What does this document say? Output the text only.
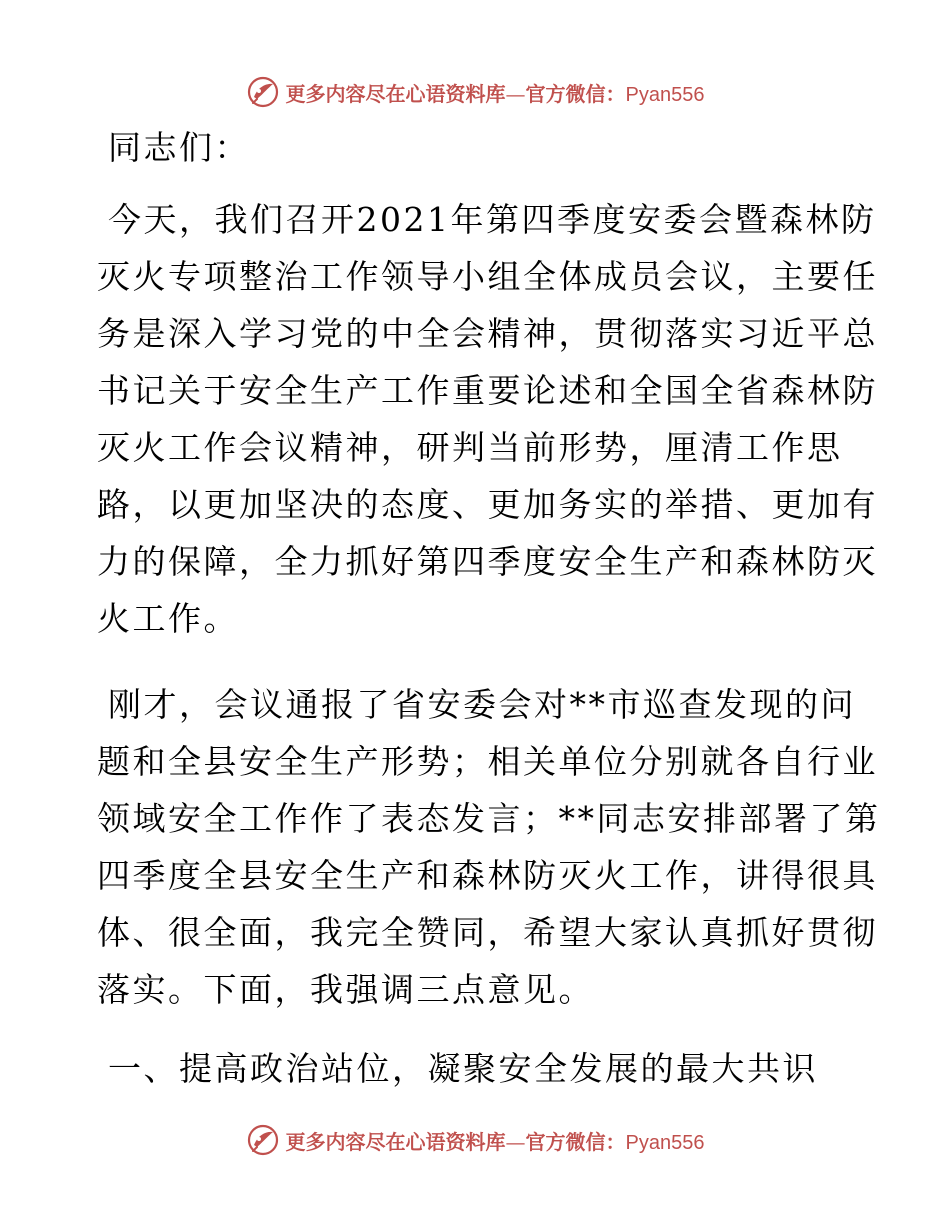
更多内容尽在心语资料库—官方微信：Pyan556
同志们：
今天，我们召开2021年第四季度安委会暨森林防
灭火专项整治工作领导小组全体成员会议，主要任
务是深入学习党的中全会精神，贯彻落实习近平总
书记关于安全生产工作重要论述和全国全省森林防
灭火工作会议精神，研判当前形势，厘清工作思
路，以更加坚决的态度、更加务实的举措、更加有
力的保障，全力抓好第四季度安全生产和森林防灭
火工作。
刚才，会议通报了省安委会对**市巡查发现的问
题和全县安全生产形势；相关单位分别就各自行业
领域安全工作作了表态发言；**同志安排部署了第
四季度全县安全生产和森林防灭火工作，讲得很具
体、很全面，我完全赞同，希望大家认真抓好贯彻
落实。下面，我强调三点意见。
一、提高政治站位，凝聚安全发展的最大共识
更多内容尽在心语资料库—官方微信：Pyan556
